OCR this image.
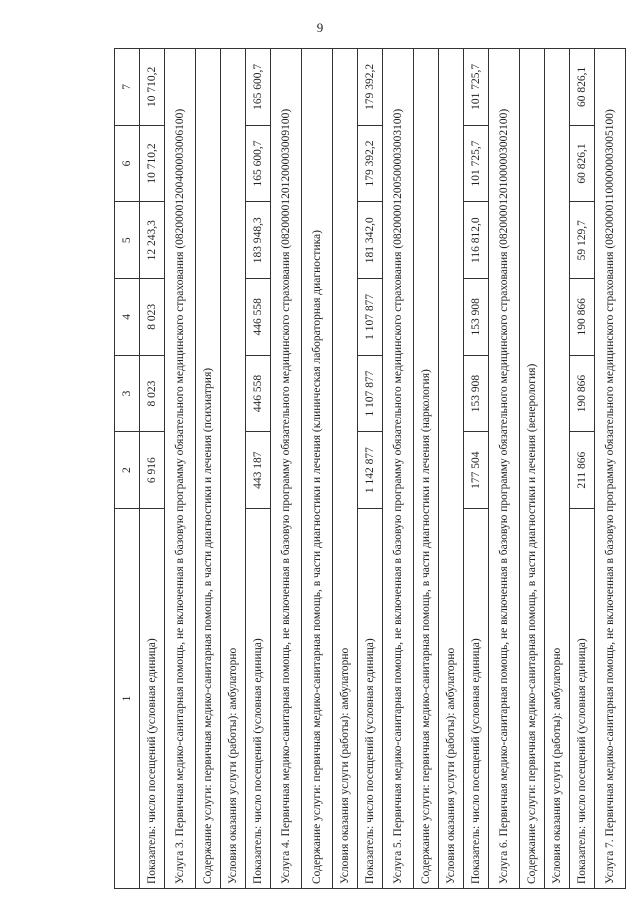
9
1	2	3	4	5	6	7
Показатель: число посещений (условная единица)	6 916	8 023	8 023	12 243,3	10 710,2	10 710,2
Услуга 3. Первичная медико-санитарная помощь, не включенная в базовую программу обязательного медицинского страхования (08200001200400003006100)						
Содержание услуги: первичная медико-санитарная помощь, в части диагностики и лечения (психиатрия)						
Условия оказания услуги (работы): амбулаторно						
Показатель: число посещений (условная единица)	443 187	446 558	446 558	183 948,3	165 600,7	165 600,7
Услуга 4. Первичная медико-санитарная помощь, не включенная в базовую программу обязательного медицинского страхования (08200001201200003009100)						
Содержание услуги: первичная медико-санитарная помощь, в части диагностики и лечения (клиническая лабораторная диагностика)						
Условия оказания услуги (работы): амбулаторно						
Показатель: число посещений (условная единица)	1 142 877	1 107 877	1 107 877	181 342,0	179 392,2	179 392,2
Услуга 5. Первичная медико-санитарная помощь, не включенная в базовую программу обязательного медицинского страхования (08200001200500003003100)						
Содержание услуги: первичная медико-санитарная помощь, в части диагностики и лечения (наркология)						
Условия оказания услуги (работы): амбулаторно						
Показатель: число посещений (условная единица)	177 504	153 908	153 908	116 812,0	101 725,7	101 725,7
Услуга 6. Первичная медико-санитарная помощь, не включенная в базовую программу обязательного медицинского страхования (08200001201000003002100)						
Содержание услуги: первичная медико-санитарная помощь, в части диагностики и лечения (венерология)						
Условия оказания услуги (работы): амбулаторно						
Показатель: число посещений (условная единица)	211 866	190 866	190 866	59 129,7	60 826,1	60 826,1
Услуга 7. Первичная медико-санитарная помощь, не включенная в базовую программу обязательного медицинского страхования (08200001100000003005100)						
